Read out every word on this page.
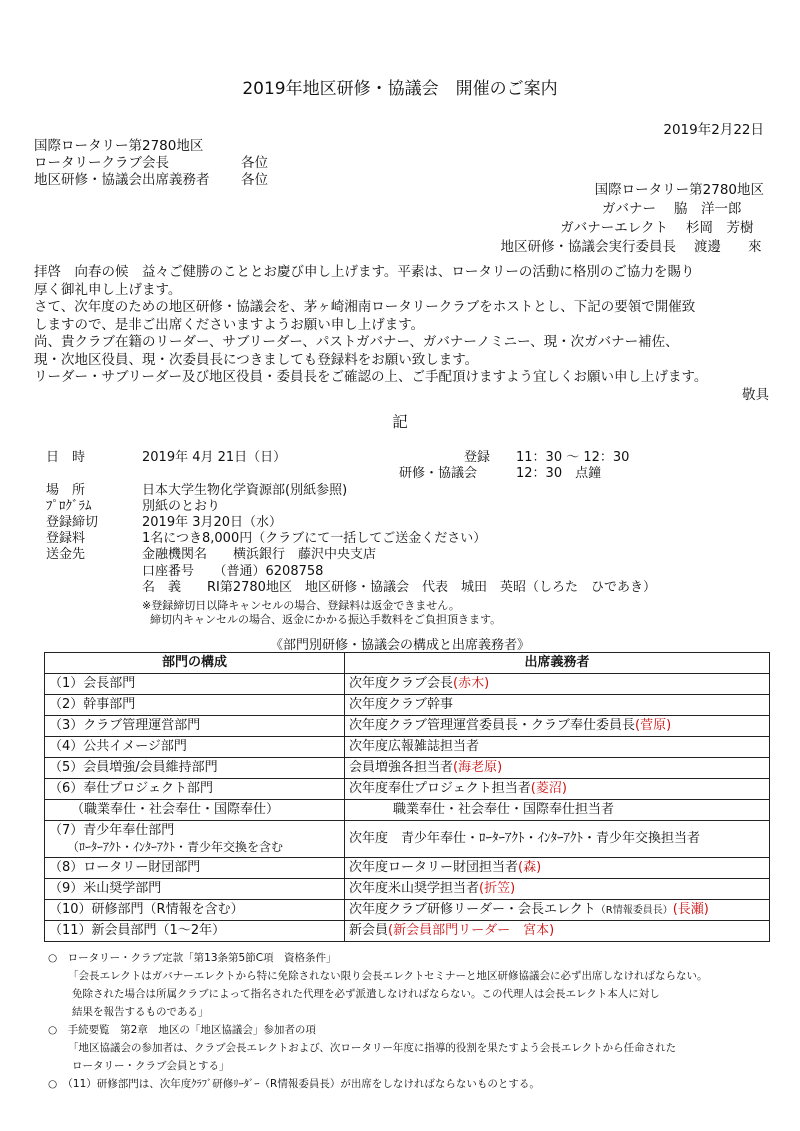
2019年地区研修・協議会　開催のご案内
2019年2月22日
国際ロータリー第2780地区
ロータリークラブ会長	各位
地区研修・協議会出席義務者	各位
国際ロータリー第2780地区
ガバナー 脇　洋一郎
ガバナーエレクト 杉岡　芳樹
地区研修・協議会実行委員長 渡邊　　來
拝啓　向春の候　益々ご健勝のこととお慶び申し上げます。平素は、ロータリーの活動に格別のご協力を賜り
厚く御礼申し上げます。
さて、次年度のための地区研修・協議会を、茅ヶ崎湘南ロータリークラブをホストとし、下記の要領で開催致
しますので、是非ご出席くださいますようお願い申し上げます。
尚、貴クラブ在籍のリーダー、サブリーダー、パストガバナー、ガバナーノミニー、現・次ガバナー補佐、
現・次地区役員、現・次委員長につきましても登録料をお願い致します。
リーダー・サブリーダー及び地区役員・委員長をご確認の上、ご手配頂けますよう宜しくお願い申し上げます。
敬具
記
日　時	2019年 4月 21日（日）	登録 11：30 ～ 12：30
研修・協議会	12：30　点鐘
場　所	日本大学生物化学資源部(別紙参照)
ﾌﾟﾛｸﾞﾗﾑ	別紙のとおり
登録締切	2019年 3月20日（水）
登録料	1名につき8,000円（クラブにて一括してご送金ください）
送金先	金融機関名　　横浜銀行　藤沢中央支店
口座番号　　（普通）6208758
名　義　　RI第2780地区　地区研修・協議会　代表　城田　英昭（しろた　ひであき）
※登録締切日以降キャンセルの場合、登録料は返金できません。
締切内キャンセルの場合、返金にかかる振込手数料をご負担頂きます。
《部門別研修・協議会の構成と出席義務者》
部門の構成	出席義務者
（1）会長部門	次年度クラブ会長(赤木)
（2）幹事部門	次年度クラブ幹事
（3）クラブ管理運営部門	次年度クラブ管理運営委員長・クラブ奉仕委員長(菅原)
（4）公共イメージ部門	次年度広報雑誌担当者
（5）会員増強/会員維持部門	会員増強各担当者(海老原)
（6）奉仕プロジェクト部門	次年度奉仕プロジェクト担当者(菱沼)
（職業奉仕・社会奉仕・国際奉仕）	職業奉仕・社会奉仕・国際奉仕担当者

（7）青少年奉仕部門
（ﾛｰﾀｰｱｸﾄ・ｲﾝﾀｰｱｸﾄ・青少年交換を含む	次年度　青少年奉仕・ﾛｰﾀｰｱｸﾄ・ｲﾝﾀｰｱｸﾄ・青少年交換担当者
（8）ロータリー財団部門	次年度ロータリー財団担当者(森)
（9）米山奨学部門	次年度米山奨学担当者(折笠)
（10）研修部門（R情報を含む）	次年度クラブ研修リーダー・会長エレクト（R情報委員長）(長瀬)
（11）新会員部門（1～2年）	新会員(新会員部門リーダー　宮本)
○　ロータリー・クラブ定款「第13条第5節C項　資格条件」
「会長エレクトはガバナーエレクトから特に免除されない限り会長エレクトセミナーと地区研修協議会に必ず出席しなければならない。
免除された場合は所属クラブによって指名された代理を必ず派遣しなければならない。この代理人は会長エレクト本人に対し
結果を報告するものである」
○　手続要覧　第2章　地区の「地区協議会」参加者の項
「地区協議会の参加者は、クラブ会長エレクトおよび、次ロータリー年度に指導的役割を果たすよう会長エレクトから任命された
ロータリー・クラブ会員とする」
○　（11）研修部門は、次年度ｸﾗﾌﾞ研修ﾘｰﾀﾞｰ（R情報委員長）が出席をしなければならないものとする。
